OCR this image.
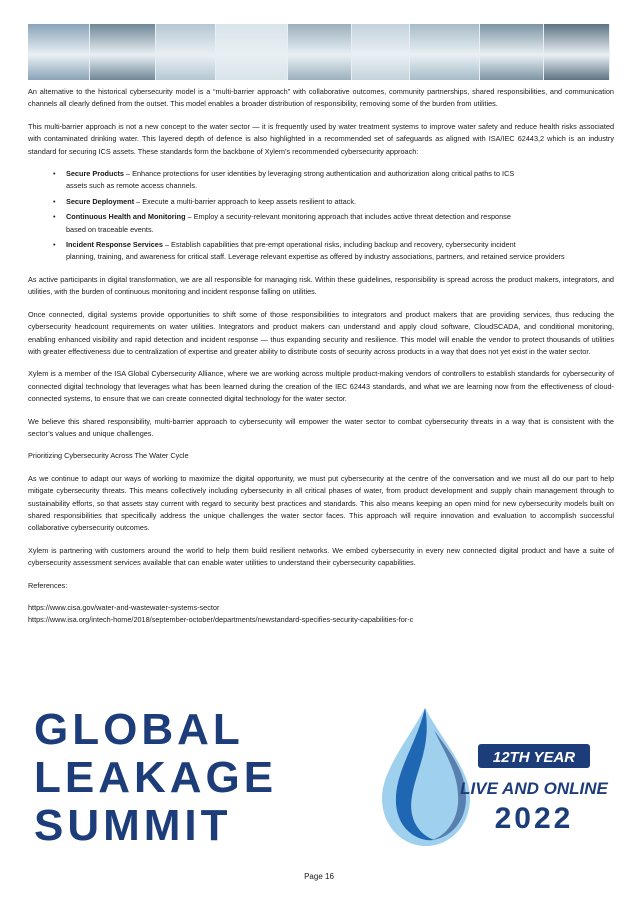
An alternative to the historical cybersecurity model is a “multi-barrier approach” with collaborative outcomes, community partnerships, shared responsibilities, and communication channels all clearly defined from the outset. This model enables a broader distribution of responsibility, removing some of the burden from utilities.

This multi-barrier approach is not a new concept to the water sector — it is frequently used by water treatment systems to improve water safety and reduce health risks associated with contaminated drinking water. This layered depth of defence is also highlighted in a recommended set of safeguards as aligned with ISA/IEC 62443,2 which is an industry standard for securing ICS assets. These standards form the backbone of Xylem’s recommended cybersecurity approach:

• Secure Products – Enhance protections for user identities by leveraging strong authentication and authorization along critical paths to ICS
assets such as remote access channels.
• Secure Deployment – Execute a multi-barrier approach to keep assets resilient to attack.
• Continuous Health and Monitoring – Employ a security-relevant monitoring approach that includes active threat detection and response
based on traceable events.
• Incident Response Services – Establish capabilities that pre-empt operational risks, including backup and recovery, cybersecurity incident
planning, training, and awareness for critical staff. Leverage relevant expertise as offered by industry associations, partners, and retained service providers

As active participants in digital transformation, we are all responsible for managing risk. Within these guidelines, responsibility is spread across the product makers, integrators, and utilities, with the burden of continuous monitoring and incident response falling on utilities.

Once connected, digital systems provide opportunities to shift some of those responsibilities to integrators and product makers that are providing services, thus reducing the cybersecurity headcount requirements on water utilities. Integrators and product makers can understand and apply cloud software, CloudSCADA, and conditional monitoring, enabling enhanced visibility and rapid detection and incident response — thus expanding security and resilience. This model will enable the vendor to protect thousands of utilities with greater effectiveness due to centralization of expertise and greater ability to distribute costs of security across products in a way that does not yet exist in the water sector.

Xylem is a member of the ISA Global Cybersecurity Alliance, where we are working across multiple product-making vendors of controllers to establish standards for cybersecurity of connected digital technology that leverages what has been learned during the creation of the IEC 62443 standards, and what we are learning now from the effectiveness of cloud-connected systems, to ensure that we can create connected digital technology for the water sector.

We believe this shared responsibility, multi-barrier approach to cybersecurity will empower the water sector to combat cybersecurity threats in a way that is consistent with the sector’s values and unique challenges.

Prioritizing Cybersecurity Across The Water Cycle

As we continue to adapt our ways of working to maximize the digital opportunity, we must put cybersecurity at the centre of the conversation and we must all do our part to help mitigate cybersecurity threats. This means collectively including cybersecurity in all critical phases of water, from product development and supply chain management through to sustainability efforts, so that assets stay current with regard to security best practices and standards. This also means keeping an open mind for new cybersecurity models built on shared responsibilities that specifically address the unique challenges the water sector faces. This approach will require innovation and evaluation to accomplish successful collaborative cybersecurity outcomes.

Xylem is partnering with customers around the world to help them build resilient networks. We embed cybersecurity in every new connected digital product and have a suite of cybersecurity assessment services available that can enable water utilities to understand their cybersecurity capabilities.

References:

https://www.cisa.gov/water-and-wastewater-systems-sector

https://www.isa.org/intech-home/2018/september-october/departments/newstandard-specifies-security-capabilities-for-c

GLOBAL
LEAKAGE
SUMMIT
12TH YEAR
LIVE AND ONLINE
2022
Page 16
